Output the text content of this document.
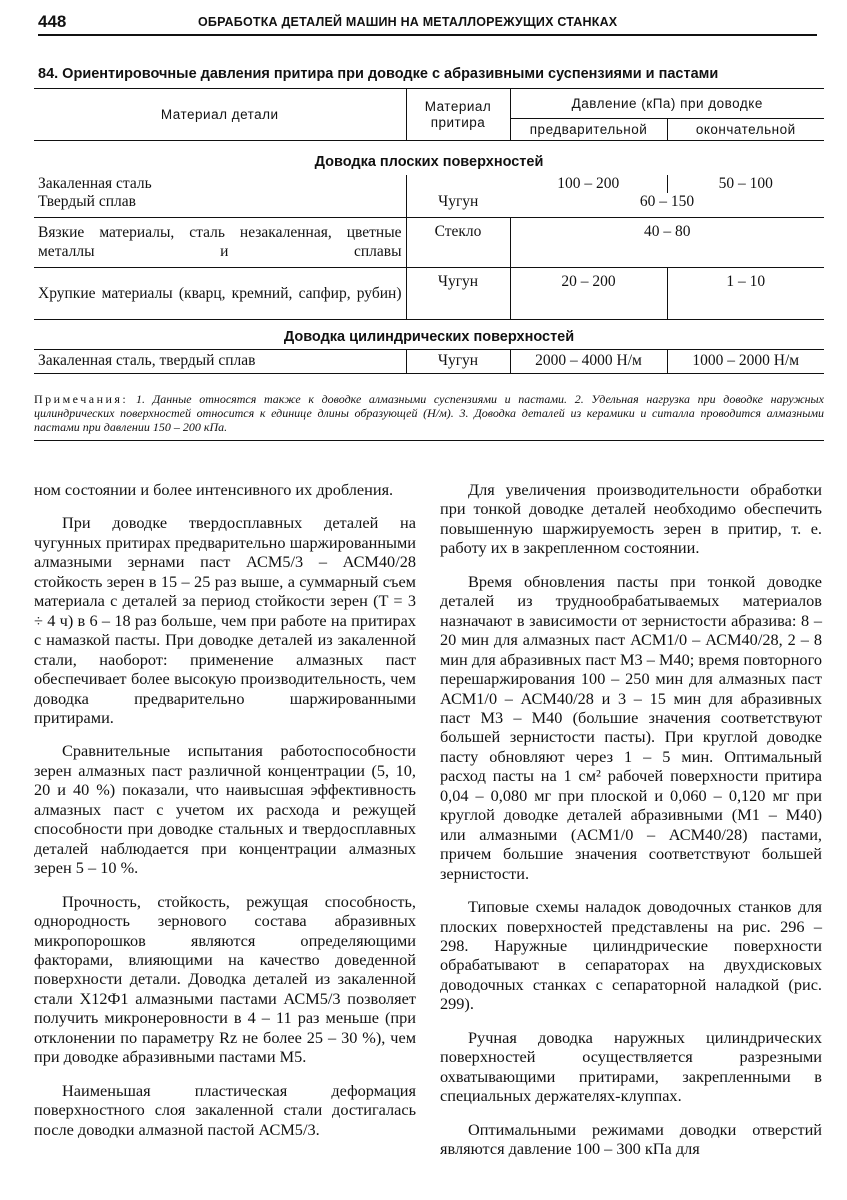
448	ОБРАБОТКА ДЕТАЛЕЙ МАШИН НА МЕТАЛЛОРЕЖУЩИХ СТАНКАХ
84. Ориентировочные давления притира при доводке с абразивными суспензиями и пастами
Материал детали	Материал притира	Давление (кПа) при доводке	
		предварительной	окончательной
Доводка плоских поверхностей			
Закаленная сталь		100 – 200	50 – 100
Твердый сплав	Чугун	60 – 150	
Вязкие материалы, сталь незакаленная, цветные металлы и сплавы	Стекло	40 – 80	
Хрупкие материалы (кварц, кремний, сапфир, рубин)	Чугун	20 – 200	1 – 10
Доводка цилиндрических поверхностей			
Закаленная сталь, твердый сплав	Чугун	2000 – 4000 Н/м	1000 – 2000 Н/м
Примечания: 1. Данные относятся также к доводке алмазными суспензиями и пастами. 2. Удельная нагрузка при доводке наружных цилиндрических поверхностей относится к единице длины образующей (Н/м). 3. Доводка деталей из керамики и ситалла проводится алмазными пастами при давлении 150 – 200 кПа.

ном состоянии и более интенсивного их дробления.

При доводке твердосплавных деталей на чугунных притирах предварительно шаржированными алмазными зернами паст АСМ5/3 – АСМ40/28 стойкость зерен в 15 – 25 раз выше, а суммарный съем материала с деталей за период стойкости зерен (T = 3 ÷ 4 ч) в 6 – 18 раз больше, чем при работе на притирах с намазкой пасты. При доводке деталей из закаленной стали, наоборот: применение алмазных паст обеспечивает более высокую производительность, чем доводка предварительно шаржированными притирами.

Сравнительные испытания работоспособности зерен алмазных паст различной концентрации (5, 10, 20 и 40 %) показали, что наивысшая эффективность алмазных паст с учетом их расхода и режущей способности при доводке стальных и твердосплавных деталей наблюдается при концентрации алмазных зерен 5 – 10 %.

Прочность, стойкость, режущая способность, однородность зернового состава абразивных микропорошков являются определяющими факторами, влияющими на качество доведенной поверхности детали. Доводка деталей из закаленной стали Х12Ф1 алмазными пастами АСМ5/3 позволяет получить микронеровности в 4 – 11 раз меньше (при отклонении по параметру Rz не более 25 – 30 %), чем при доводке абразивными пастами М5.

Наименьшая пластическая деформация поверхностного слоя закаленной стали достигалась после доводки алмазной пастой АСМ5/3.

Для увеличения производительности обработки при тонкой доводке деталей необходимо обеспечить повышенную шаржируемость зерен в притир, т. е. работу их в закрепленном состоянии.

Время обновления пасты при тонкой доводке деталей из труднообрабатываемых материалов назначают в зависимости от зернистости абразива: 8 – 20 мин для алмазных паст АСМ1/0 – АСМ40/28, 2 – 8 мин для абразивных паст М3 – М40; время повторного перешаржирования 100 – 250 мин для алмазных паст АСМ1/0 – АСМ40/28 и 3 – 15 мин для абразивных паст М3 – М40 (большие значения соответствуют большей зернистости пасты). При круглой доводке пасту обновляют через 1 – 5 мин. Оптимальный расход пасты на 1 см² рабочей поверхности притира 0,04 – 0,080 мг при плоской и 0,060 – 0,120 мг при круглой доводке деталей абразивными (М1 – М40) или алмазными (АСМ1/0 – АСМ40/28) пастами, причем большие значения соответствуют большей зернистости.

Типовые схемы наладок доводочных станков для плоских поверхностей представлены на рис. 296 – 298. Наружные цилиндрические поверхности обрабатывают в сепараторах на двухдисковых доводочных станках с сепараторной наладкой (рис. 299).

Ручная доводка наружных цилиндрических поверхностей осуществляется разрезными охватывающими притирами, закрепленными в специальных держателях-клуппах.

Оптимальными режимами доводки отверстий являются давление 100 – 300 кПа для
